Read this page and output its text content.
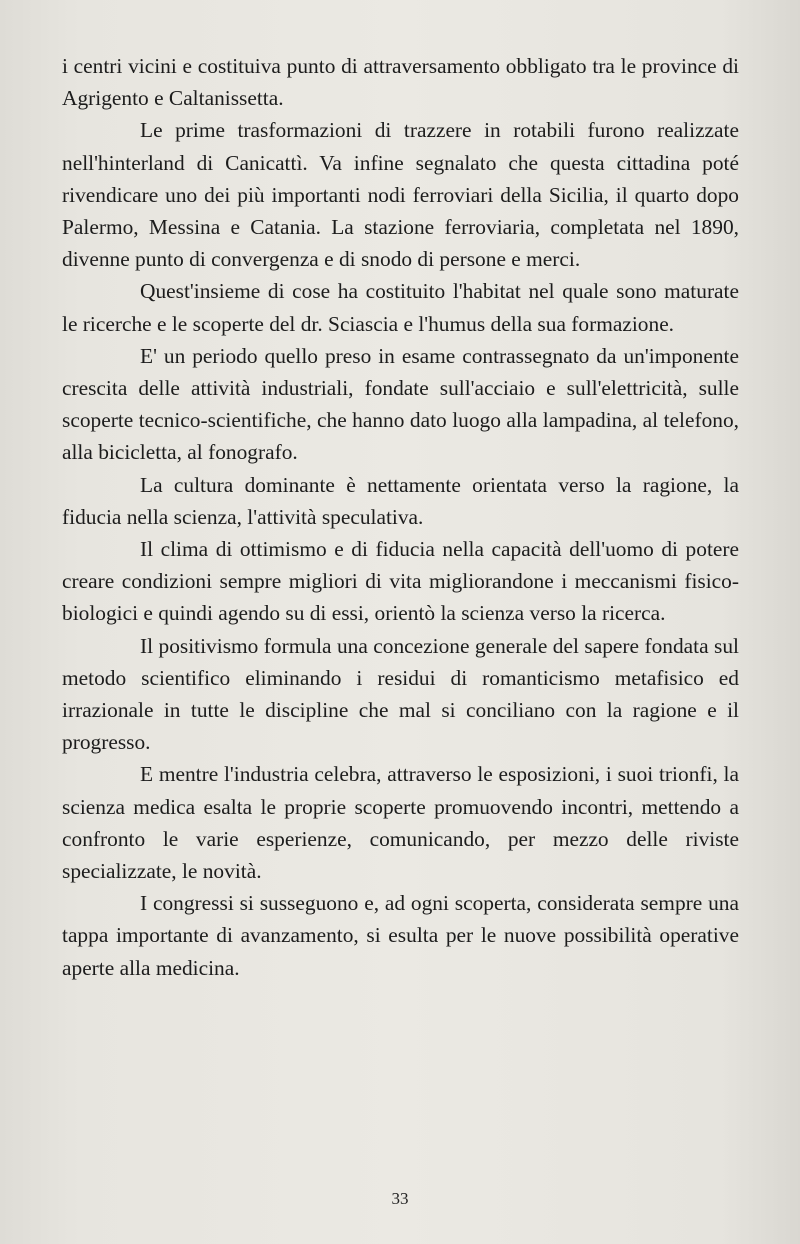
i centri vicini e costituiva punto di attraversamento obbligato tra le province di Agrigento e Caltanissetta.

Le prime trasformazioni di trazzere in rotabili furono realizzate nell'hinterland di Canicattì. Va infine segnalato che questa cittadina poté rivendicare uno dei più importanti nodi ferroviari della Sicilia, il quarto dopo Palermo, Messina e Catania. La stazione ferroviaria, completata nel 1890, divenne punto di convergenza e di snodo di persone e merci.

Quest'insieme di cose ha costituito l'habitat nel quale sono maturate le ricerche e le scoperte del dr. Sciascia e l'humus della sua formazione.

E' un periodo quello preso in esame contrassegnato da un'imponente crescita delle attività industriali, fondate sull'acciaio e sull'elettricità, sulle scoperte tecnico-scientifiche, che hanno dato luogo alla lampadina, al telefono, alla bicicletta, al fonografo.

La cultura dominante è nettamente orientata verso la ragione, la fiducia nella scienza, l'attività speculativa.

Il clima di ottimismo e di fiducia nella capacità dell'uomo di potere creare condizioni sempre migliori di vita migliorandone i meccanismi fisico-biologici e quindi agendo su di essi, orientò la scienza verso la ricerca.

Il positivismo formula una concezione generale del sapere fondata sul metodo scientifico eliminando i residui di romanticismo metafisico ed irrazionale in tutte le discipline che mal si conciliano con la ragione e il progresso.

E mentre l'industria celebra, attraverso le esposizioni, i suoi trionfi, la scienza medica esalta le proprie scoperte promuovendo incontri, mettendo a confronto le varie esperienze, comunicando, per mezzo delle riviste specializzate, le novità.

I congressi si susseguono e, ad ogni scoperta, considerata sempre una tappa importante di avanzamento, si esulta per le nuove possibilità operative aperte alla medicina.

33
